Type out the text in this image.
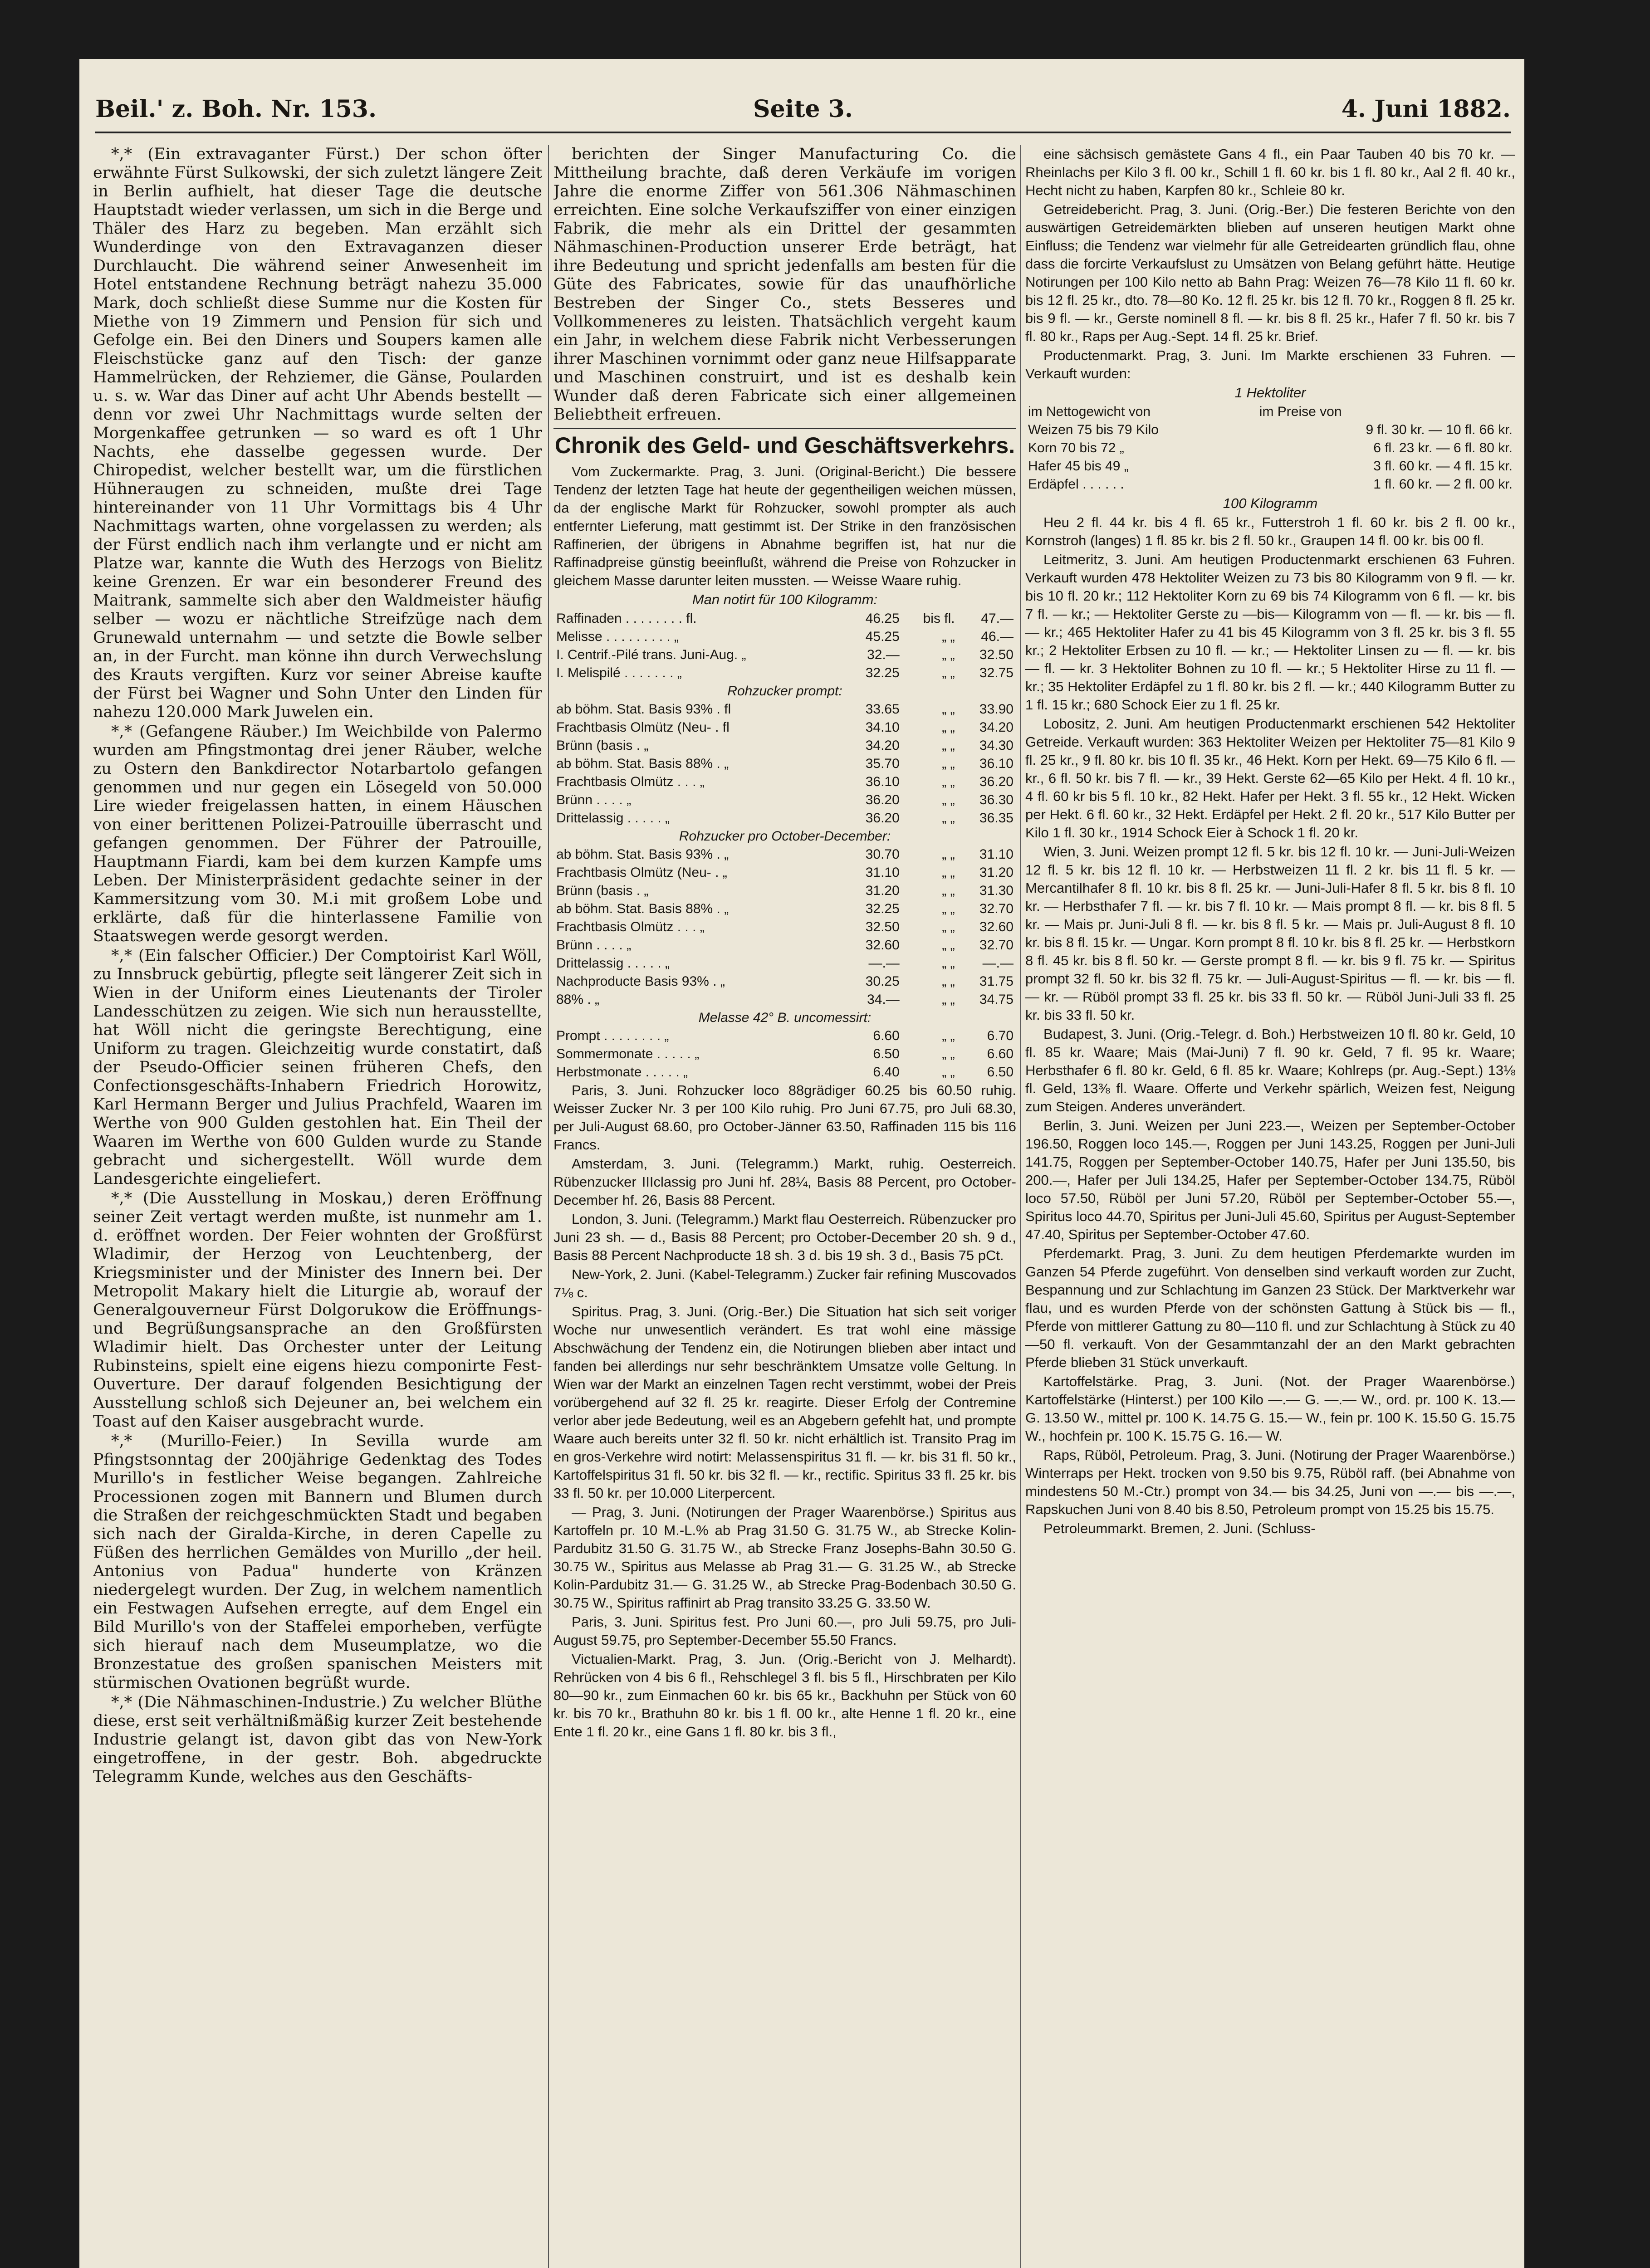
Beil.' z. Boh. Nr. 153.	Seite 3.	4. Juni 1882.

*,* (Ein extravaganter Fürst.) Der schon öfter erwähnte Fürst Sulkowski, der sich zuletzt längere Zeit in Berlin aufhielt, hat dieser Tage die deutsche Hauptstadt wieder verlassen, um sich in die Berge und Thäler des Harz zu begeben. Man erzählt sich Wunderdinge von den Extravaganzen dieser Durchlaucht. Die während seiner Anwesenheit im Hotel entstandene Rechnung beträgt nahezu 35.000 Mark, doch schließt diese Summe nur die Kosten für Miethe von 19 Zimmern und Pension für sich und Gefolge ein. Bei den Diners und Soupers kamen alle Fleischstücke ganz auf den Tisch: der ganze Hammelrücken, der Rehziemer, die Gänse, Poularden u. s. w. War das Diner auf acht Uhr Abends bestellt — denn vor zwei Uhr Nachmittags wurde selten der Morgenkaffee getrunken — so ward es oft 1 Uhr Nachts, ehe dasselbe gegessen wurde. Der Chiropedist, welcher bestellt war, um die fürstlichen Hühneraugen zu schneiden, mußte drei Tage hintereinander von 11 Uhr Vormittags bis 4 Uhr Nachmittags warten, ohne vorgelassen zu werden; als der Fürst endlich nach ihm verlangte und er nicht am Platze war, kannte die Wuth des Herzogs von Bielitz keine Grenzen. Er war ein besonderer Freund des Maitrank, sammelte sich aber den Waldmeister häufig selber — wozu er nächtliche Streifzüge nach dem Grunewald unternahm — und setzte die Bowle selber an, in der Furcht. man könne ihn durch Verwechslung des Krauts vergiften. Kurz vor seiner Abreise kaufte der Fürst bei Wagner und Sohn Unter den Linden für nahezu 120.000 Mark Juwelen ein.

*,* (Gefangene Räuber.) Im Weichbilde von Palermo wurden am Pfingstmontag drei jener Räuber, welche zu Ostern den Bankdirector Notarbartolo gefangen genommen und nur gegen ein Lösegeld von 50.000 Lire wieder freigelassen hatten, in einem Häuschen von einer berittenen Polizei-Patrouille überrascht und gefangen genommen. Der Führer der Patrouille, Hauptmann Fiardi, kam bei dem kurzen Kampfe ums Leben. Der Ministerpräsident gedachte seiner in der Kammersitzung vom 30. M.i mit großem Lobe und erklärte, daß für die hinterlassene Familie von Staatswegen werde gesorgt werden.

*,* (Ein falscher Officier.) Der Comptoirist Karl Wöll, zu Innsbruck gebürtig, pflegte seit längerer Zeit sich in Wien in der Uniform eines Lieutenants der Tiroler Landesschützen zu zeigen. Wie sich nun herausstellte, hat Wöll nicht die geringste Berechtigung, eine Uniform zu tragen. Gleichzeitig wurde constatirt, daß der Pseudo-Officier seinen früheren Chefs, den Confectionsgeschäfts-Inhabern Friedrich Horowitz, Karl Hermann Berger und Julius Prachfeld, Waaren im Werthe von 900 Gulden gestohlen hat. Ein Theil der Waaren im Werthe von 600 Gulden wurde zu Stande gebracht und sichergestellt. Wöll wurde dem Landesgerichte eingeliefert.

*,* (Die Ausstellung in Moskau,) deren Eröffnung seiner Zeit vertagt werden mußte, ist nunmehr am 1. d. eröffnet worden. Der Feier wohnten der Großfürst Wladimir, der Herzog von Leuchtenberg, der Kriegsminister und der Minister des Innern bei. Der Metropolit Makary hielt die Liturgie ab, worauf der Generalgouverneur Fürst Dolgorukow die Eröffnungs- und Begrüßungsansprache an den Großfürsten Wladimir hielt. Das Orchester unter der Leitung Rubinsteins, spielt eine eigens hiezu componirte Fest-Ouverture. Der darauf folgenden Besichtigung der Ausstellung schloß sich Dejeuner an, bei welchem ein Toast auf den Kaiser ausgebracht wurde.

*,* (Murillo-Feier.) In Sevilla wurde am Pfingstsonntag der 200jährige Gedenktag des Todes Murillo's in festlicher Weise begangen. Zahlreiche Processionen zogen mit Bannern und Blumen durch die Straßen der reichgeschmückten Stadt und begaben sich nach der Giralda-Kirche, in deren Capelle zu Füßen des herrlichen Gemäldes von Murillo „der heil. Antonius von Padua" hunderte von Kränzen niedergelegt wurden. Der Zug, in welchem namentlich ein Festwagen Aufsehen erregte, auf dem Engel ein Bild Murillo's von der Staffelei emporheben, verfügte sich hierauf nach dem Museumplatze, wo die Bronzestatue des großen spanischen Meisters mit stürmischen Ovationen begrüßt wurde.

*,* (Die Nähmaschinen-Industrie.) Zu welcher Blüthe diese, erst seit verhältnißmäßig kurzer Zeit bestehende Industrie gelangt ist, davon gibt das von New-York eingetroffene, in der gestr. Boh. abgedruckte Telegramm Kunde, welches aus den Geschäfts-

berichten der Singer Manufacturing Co. die Mittheilung brachte, daß deren Verkäufe im vorigen Jahre die enorme Ziffer von 561.306 Nähmaschinen erreichten. Eine solche Verkaufsziffer von einer einzigen Fabrik, die mehr als ein Drittel der gesammten Nähmaschinen-Production unserer Erde beträgt, hat ihre Bedeutung und spricht jedenfalls am besten für die Güte des Fabricates, sowie für das unaufhörliche Bestreben der Singer Co., stets Besseres und Vollkommeneres zu leisten. Thatsächlich vergeht kaum ein Jahr, in welchem diese Fabrik nicht Verbesserungen ihrer Maschinen vornimmt oder ganz neue Hilfsapparate und Maschinen construirt, und ist es deshalb kein Wunder daß deren Fabricate sich einer allgemeinen Beliebtheit erfreuen.

Chronik des Geld- und Geschäftsverkehrs.

Vom Zuckermarkte. Prag, 3. Juni. (Original-Bericht.) Die bessere Tendenz der letzten Tage hat heute der gegentheiligen weichen müssen, da der englische Markt für Rohzucker, sowohl prompter als auch entfernter Lieferung, matt gestimmt ist. Der Strike in den französischen Raffinerien, der übrigens in Abnahme begriffen ist, hat nur die Raffinadpreise günstig beeinflußt, während die Preise von Rohzucker in gleichem Masse darunter leiten mussten. — Weisse Waare ruhig.

Man notirt für 100 Kilogramm:
Raffinaden . . . . . . . . fl.	46.25	bis fl.	47.—
Melisse . . . . . . . . . „	45.25	„ „	46.—
I. Centrif.-Pilé trans. Juni-Aug. „	32.—	„ „	32.50
I. Melispilé . . . . . . . „	32.25	„ „	32.75
Rohzucker prompt:			
ab böhm. Stat. Basis 93% . fl	33.65	„ „	33.90
Frachtbasis Olmütz (Neu- . fl	34.10	„ „	34.20
Brünn (basis . „	34.20	„ „	34.30
ab böhm. Stat. Basis 88% . „	35.70	„ „	36.10
Frachtbasis Olmütz . . . „	36.10	„ „	36.20
Brünn . . . . „	36.20	„ „	36.30
Drittelassig . . . . . „	36.20	„ „	36.35
Rohzucker pro October-December:			
ab böhm. Stat. Basis 93% . „	30.70	„ „	31.10
Frachtbasis Olmütz (Neu- . „	31.10	„ „	31.20
Brünn (basis . „	31.20	„ „	31.30
ab böhm. Stat. Basis 88% . „	32.25	„ „	32.70
Frachtbasis Olmütz . . . „	32.50	„ „	32.60
Brünn . . . . „	32.60	„ „	32.70
Drittelassig . . . . . „	—.—	„ „	—.—
Nachproducte Basis 93% . „	30.25	„ „	31.75
88% . „	34.—	„ „	34.75
Melasse 42° B. uncomessirt:			
Prompt . . . . . . . . „	6.60	„ „	6.70
Sommermonate . . . . . „	6.50	„ „	6.60
Herbstmonate . . . . . „	6.40	„ „	6.50

Paris, 3. Juni. Rohzucker loco 88grädiger 60.25 bis 60.50 ruhig. Weisser Zucker Nr. 3 per 100 Kilo ruhig. Pro Juni 67.75, pro Juli 68.30, per Juli-August 68.60, pro October-Jänner 63.50, Raffinaden 115 bis 116 Francs.

Amsterdam, 3. Juni. (Telegramm.) Markt, ruhig. Oesterreich. Rübenzucker IIIclassig pro Juni hf. 28¼, Basis 88 Percent, pro October-December hf. 26, Basis 88 Percent.

London, 3. Juni. (Telegramm.) Markt flau Oesterreich. Rübenzucker pro Juni 23 sh. — d., Basis 88 Percent; pro October-December 20 sh. 9 d., Basis 88 Percent Nachproducte 18 sh. 3 d. bis 19 sh. 3 d., Basis 75 pCt.

New-York, 2. Juni. (Kabel-Telegramm.) Zucker fair refining Muscovados 7⅛ c.

Spiritus. Prag, 3. Juni. (Orig.-Ber.) Die Situation hat sich seit voriger Woche nur unwesentlich verändert. Es trat wohl eine mässige Abschwächung der Tendenz ein, die Notirungen blieben aber intact und fanden bei allerdings nur sehr beschränktem Umsatze volle Geltung. In Wien war der Markt an einzelnen Tagen recht verstimmt, wobei der Preis vorübergehend auf 32 fl. 25 kr. reagirte. Dieser Erfolg der Contremine verlor aber jede Bedeutung, weil es an Abgebern gefehlt hat, und prompte Waare auch bereits unter 32 fl. 50 kr. nicht erhältlich ist. Transito Prag im en gros-Verkehre wird notirt: Melassenspiritus 31 fl. — kr. bis 31 fl. 50 kr., Kartoffelspiritus 31 fl. 50 kr. bis 32 fl. — kr., rectific. Spiritus 33 fl. 25 kr. bis 33 fl. 50 kr. per 10.000 Literpercent.

— Prag, 3. Juni. (Notirungen der Prager Waarenbörse.) Spiritus aus Kartoffeln pr. 10 M.-L.% ab Prag 31.50 G. 31.75 W., ab Strecke Kolin-Pardubitz 31.50 G. 31.75 W., ab Strecke Franz Josephs-Bahn 30.50 G. 30.75 W., Spiritus aus Melasse ab Prag 31.— G. 31.25 W., ab Strecke Kolin-Pardubitz 31.— G. 31.25 W., ab Strecke Prag-Bodenbach 30.50 G. 30.75 W., Spiritus raffinirt ab Prag transito 33.25 G. 33.50 W.

Paris, 3. Juni. Spiritus fest. Pro Juni 60.—, pro Juli 59.75, pro Juli-August 59.75, pro September-December 55.50 Francs.

Victualien-Markt. Prag, 3. Jun. (Orig.-Bericht von J. Melhardt). Rehrücken von 4 bis 6 fl., Rehschlegel 3 fl. bis 5 fl., Hirschbraten per Kilo 80—90 kr., zum Einmachen 60 kr. bis 65 kr., Backhuhn per Stück von 60 kr. bis 70 kr., Brathuhn 80 kr. bis 1 fl. 00 kr., alte Henne 1 fl. 20 kr., eine Ente 1 fl. 20 kr., eine Gans 1 fl. 80 kr. bis 3 fl.,

eine sächsisch gemästete Gans 4 fl., ein Paar Tauben 40 bis 70 kr. — Rheinlachs per Kilo 3 fl. 00 kr., Schill 1 fl. 60 kr. bis 1 fl. 80 kr., Aal 2 fl. 40 kr., Hecht nicht zu haben, Karpfen 80 kr., Schleie 80 kr.

Getreidebericht. Prag, 3. Juni. (Orig.-Ber.) Die festeren Berichte von den auswärtigen Getreidemärkten blieben auf unseren heutigen Markt ohne Einfluss; die Tendenz war vielmehr für alle Getreidearten gründlich flau, ohne dass die forcirte Verkaufslust zu Umsätzen von Belang geführt hätte. Heutige Notirungen per 100 Kilo netto ab Bahn Prag: Weizen 76—78 Kilo 11 fl. 60 kr. bis 12 fl. 25 kr., dto. 78—80 Ko. 12 fl. 25 kr. bis 12 fl. 70 kr., Roggen 8 fl. 25 kr. bis 9 fl. — kr., Gerste nominell 8 fl. — kr. bis 8 fl. 25 kr., Hafer 7 fl. 50 kr. bis 7 fl. 80 kr., Raps per Aug.-Sept. 14 fl. 25 kr. Brief.

Productenmarkt. Prag, 3. Juni. Im Markte erschienen 33 Fuhren. — Verkauft wurden:

1 Hektoliter
im Nettogewicht von	im Preise von
Weizen 75 bis 79 Kilo	9 fl. 30 kr. — 10 fl. 66 kr.
Korn 70 bis 72 „	6 fl. 23 kr. — 6 fl. 80 kr.
Hafer 45 bis 49 „	3 fl. 60 kr. — 4 fl. 15 kr.
Erdäpfel . . . . . .	1 fl. 60 kr. — 2 fl. 00 kr.
100 Kilogramm

Heu 2 fl. 44 kr. bis 4 fl. 65 kr., Futterstroh 1 fl. 60 kr. bis 2 fl. 00 kr., Kornstroh (langes) 1 fl. 85 kr. bis 2 fl. 50 kr., Graupen 14 fl. 00 kr. bis 00 fl.

Leitmeritz, 3. Juni. Am heutigen Productenmarkt erschienen 63 Fuhren. Verkauft wurden 478 Hektoliter Weizen zu 73 bis 80 Kilogramm von 9 fl. — kr. bis 10 fl. 20 kr.; 112 Hektoliter Korn zu 69 bis 74 Kilogramm von 6 fl. — kr. bis 7 fl. — kr.; — Hektoliter Gerste zu —bis— Kilogramm von — fl. — kr. bis — fl. — kr.; 465 Hektoliter Hafer zu 41 bis 45 Kilogramm von 3 fl. 25 kr. bis 3 fl. 55 kr.; 2 Hektoliter Erbsen zu 10 fl. — kr.; — Hektoliter Linsen zu — fl. — kr. bis — fl. — kr. 3 Hektoliter Bohnen zu 10 fl. — kr.; 5 Hektoliter Hirse zu 11 fl. — kr.; 35 Hektoliter Erdäpfel zu 1 fl. 80 kr. bis 2 fl. — kr.; 440 Kilogramm Butter zu 1 fl. 15 kr.; 680 Schock Eier zu 1 fl. 25 kr.

Lobositz, 2. Juni. Am heutigen Productenmarkt erschienen 542 Hektoliter Getreide. Verkauft wurden: 363 Hektoliter Weizen per Hektoliter 75—81 Kilo 9 fl. 25 kr., 9 fl. 80 kr. bis 10 fl. 35 kr., 46 Hekt. Korn per Hekt. 69—75 Kilo 6 fl. — kr., 6 fl. 50 kr. bis 7 fl. — kr., 39 Hekt. Gerste 62—65 Kilo per Hekt. 4 fl. 10 kr., 4 fl. 60 kr bis 5 fl. 10 kr., 82 Hekt. Hafer per Hekt. 3 fl. 55 kr., 12 Hekt. Wicken per Hekt. 6 fl. 60 kr., 32 Hekt. Erdäpfel per Hekt. 2 fl. 20 kr., 517 Kilo Butter per Kilo 1 fl. 30 kr., 1914 Schock Eier à Schock 1 fl. 20 kr.

Wien, 3. Juni. Weizen prompt 12 fl. 5 kr. bis 12 fl. 10 kr. — Juni-Juli-Weizen 12 fl. 5 kr. bis 12 fl. 10 kr. — Herbstweizen 11 fl. 2 kr. bis 11 fl. 5 kr. — Mercantilhafer 8 fl. 10 kr. bis 8 fl. 25 kr. — Juni-Juli-Hafer 8 fl. 5 kr. bis 8 fl. 10 kr. — Herbsthafer 7 fl. — kr. bis 7 fl. 10 kr. — Mais prompt 8 fl. — kr. bis 8 fl. 5 kr. — Mais pr. Juni-Juli 8 fl. — kr. bis 8 fl. 5 kr. — Mais pr. Juli-August 8 fl. 10 kr. bis 8 fl. 15 kr. — Ungar. Korn prompt 8 fl. 10 kr. bis 8 fl. 25 kr. — Herbstkorn 8 fl. 45 kr. bis 8 fl. 50 kr. — Gerste prompt 8 fl. — kr. bis 9 fl. 75 kr. — Spiritus prompt 32 fl. 50 kr. bis 32 fl. 75 kr. — Juli-August-Spiritus — fl. — kr. bis — fl. — kr. — Rüböl prompt 33 fl. 25 kr. bis 33 fl. 50 kr. — Rüböl Juni-Juli 33 fl. 25 kr. bis 33 fl. 50 kr.

Budapest, 3. Juni. (Orig.-Telegr. d. Boh.) Herbstweizen 10 fl. 80 kr. Geld, 10 fl. 85 kr. Waare; Mais (Mai-Juni) 7 fl. 90 kr. Geld, 7 fl. 95 kr. Waare; Herbsthafer 6 fl. 80 kr. Geld, 6 fl. 85 kr. Waare; Kohlreps (pr. Aug.-Sept.) 13⅛ fl. Geld, 13⅜ fl. Waare. Offerte und Verkehr spärlich, Weizen fest, Neigung zum Steigen. Anderes unverändert.

Berlin, 3. Juni. Weizen per Juni 223.—, Weizen per September-October 196.50, Roggen loco 145.—, Roggen per Juni 143.25, Roggen per Juni-Juli 141.75, Roggen per September-October 140.75, Hafer per Juni 135.50, bis 200.—, Hafer per Juli 134.25, Hafer per September-October 134.75, Rüböl loco 57.50, Rüböl per Juni 57.20, Rüböl per September-October 55.—, Spiritus loco 44.70, Spiritus per Juni-Juli 45.60, Spiritus per August-September 47.40, Spiritus per September-October 47.60.

Pferdemarkt. Prag, 3. Juni. Zu dem heutigen Pferdemarkte wurden im Ganzen 54 Pferde zugeführt. Von denselben sind verkauft worden zur Zucht, Bespannung und zur Schlachtung im Ganzen 23 Stück. Der Marktverkehr war flau, und es wurden Pferde von der schönsten Gattung à Stück bis — fl., Pferde von mittlerer Gattung zu 80—110 fl. und zur Schlachtung à Stück zu 40—50 fl. verkauft. Von der Gesammtanzahl der an den Markt gebrachten Pferde blieben 31 Stück unverkauft.

Kartoffelstärke. Prag, 3. Juni. (Not. der Prager Waarenbörse.) Kartoffelstärke (Hinterst.) per 100 Kilo —.— G. —.— W., ord. pr. 100 K. 13.— G. 13.50 W., mittel pr. 100 K. 14.75 G. 15.— W., fein pr. 100 K. 15.50 G. 15.75 W., hochfein pr. 100 K. 15.75 G. 16.— W.

Raps, Rüböl, Petroleum. Prag, 3. Juni. (Notirung der Prager Waarenbörse.) Winterraps per Hekt. trocken von 9.50 bis 9.75, Rüböl raff. (bei Abnahme von mindestens 50 M.-Ctr.) prompt von 34.— bis 34.25, Juni von —.— bis —.—, Rapskuchen Juni von 8.40 bis 8.50, Petroleum prompt von 15.25 bis 15.75.

Petroleummarkt. Bremen, 2. Juni. (Schluss-
